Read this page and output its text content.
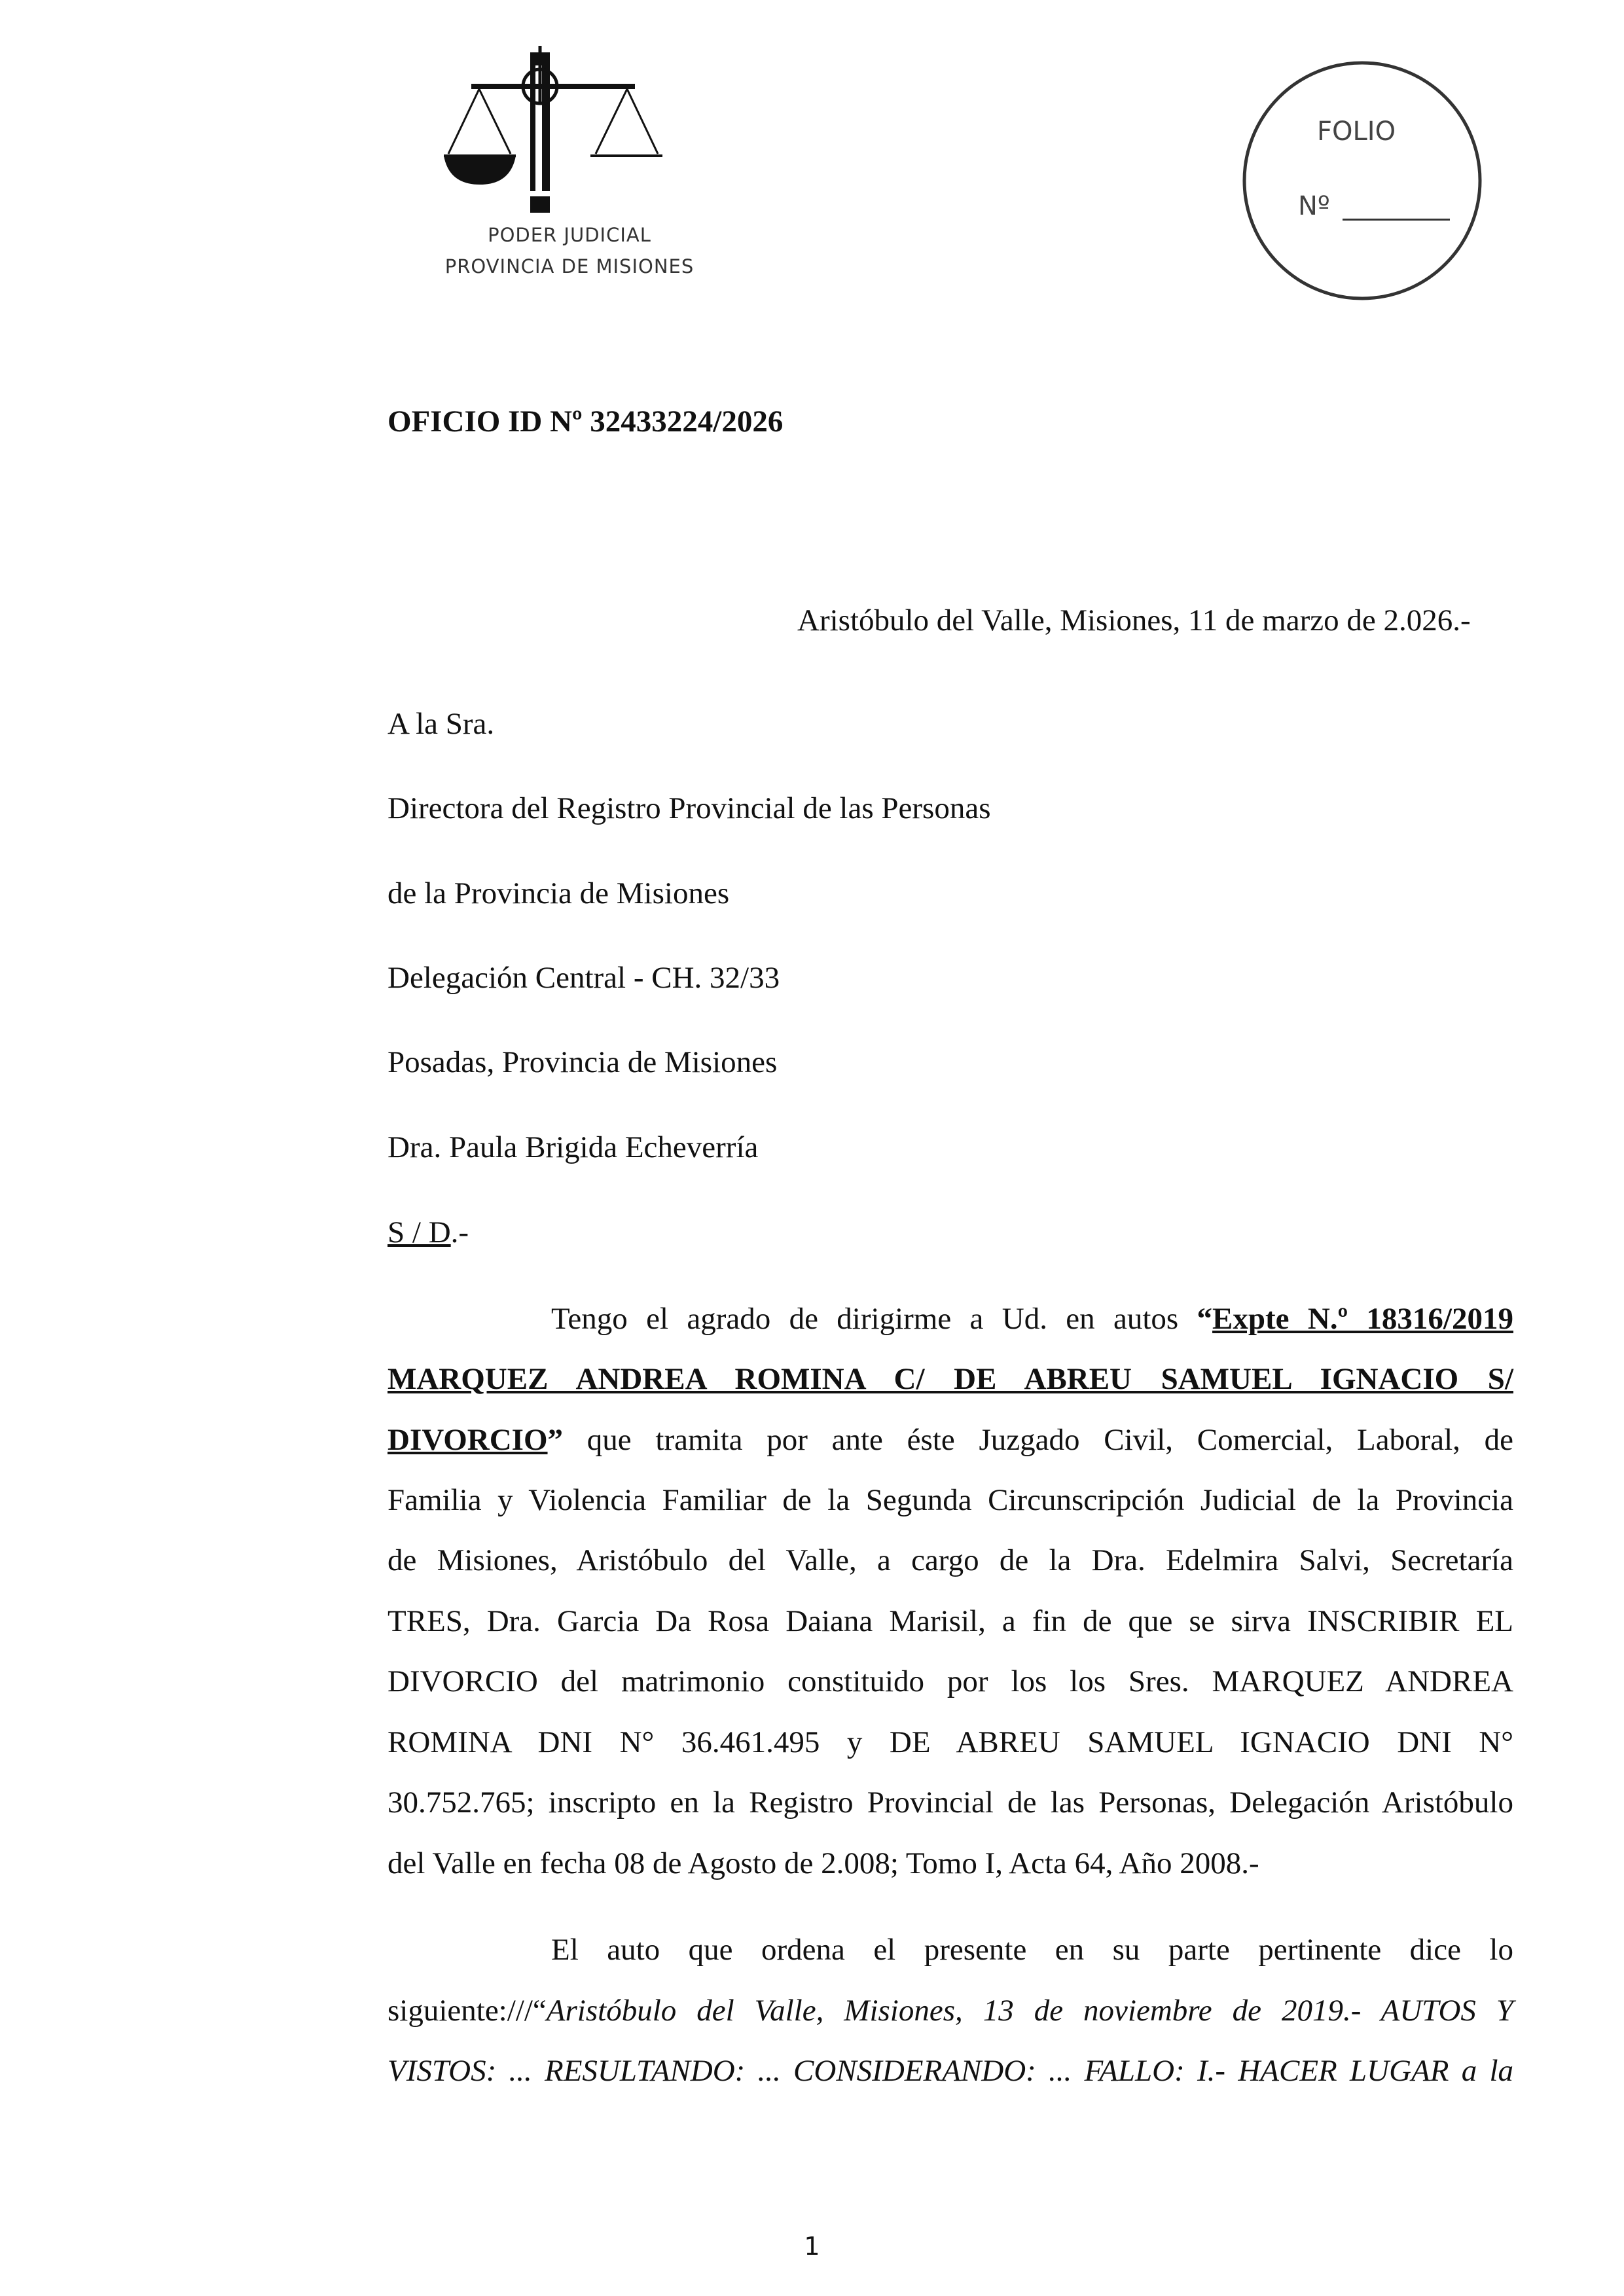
PODER JUDICIAL
PROVINCIA DE MISIONES
FOLIO
Nº
OFICIO ID Nº 32433224/2026
Aristóbulo del Valle, Misiones, 11 de marzo de 2.026.-
A la Sra.
Directora del Registro Provincial de las Personas
de la Provincia de Misiones
Delegación Central - CH. 32/33
Posadas, Provincia de Misiones
Dra. Paula Brigida Echeverría
S / D.-
Tengo el agrado de dirigirme a Ud. en autos “Expte N.º 18316/2019
MARQUEZ ANDREA ROMINA C/ DE ABREU SAMUEL IGNACIO S/
DIVORCIO” que tramita por ante éste Juzgado Civil, Comercial, Laboral, de
Familia y Violencia Familiar de la Segunda Circunscripción Judicial de la Provincia
de Misiones, Aristóbulo del Valle, a cargo de la Dra. Edelmira Salvi, Secretaría
TRES, Dra. Garcia Da Rosa Daiana Marisil, a fin de que se sirva INSCRIBIR EL
DIVORCIO del matrimonio constituido por los los Sres. MARQUEZ ANDREA
ROMINA DNI N° 36.461.495 y DE ABREU SAMUEL IGNACIO DNI N°
30.752.765; inscripto en la Registro Provincial de las Personas, Delegación Aristóbulo
del Valle en fecha 08 de Agosto de 2.008; Tomo I, Acta 64, Año 2008.-
El auto que ordena el presente en su parte pertinente dice lo
siguiente:///“Aristóbulo del Valle, Misiones, 13 de noviembre de 2019.- AUTOS Y
VISTOS: ... RESULTANDO: ... CONSIDERANDO: ... FALLO: I.- HACER LUGAR a la
1
